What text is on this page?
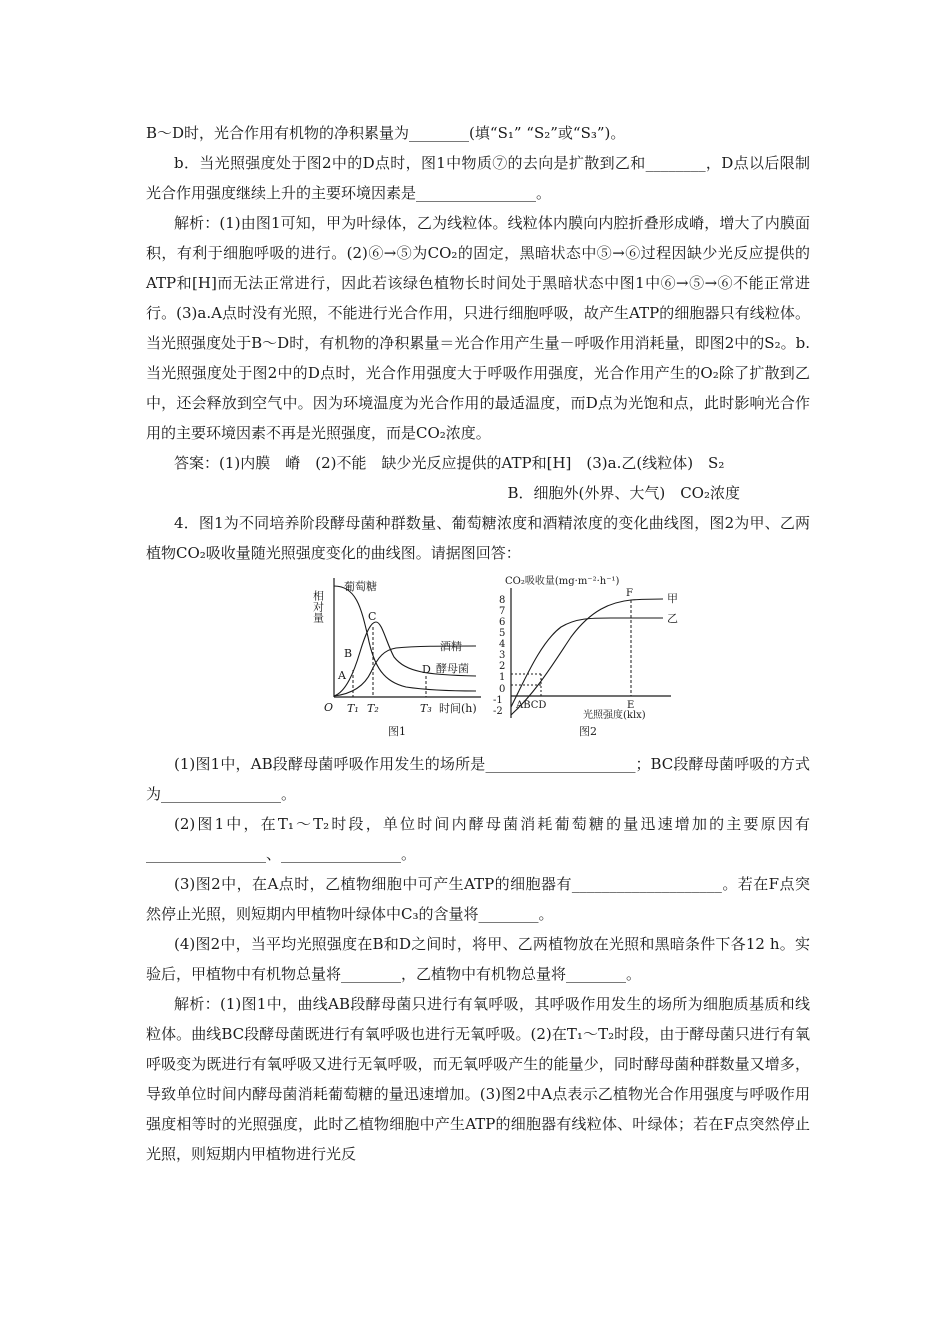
B～D时，光合作用有机物的净积累量为________(填“S₁” “S₂”或“S₃”)。

b．当光照强度处于图2中的D点时，图1中物质⑦的去向是扩散到乙和________，D点以后限制光合作用强度继续上升的主要环境因素是________________。

解析：(1)由图1可知，甲为叶绿体，乙为线粒体。线粒体内膜向内腔折叠形成嵴，增大了内膜面积，有利于细胞呼吸的进行。(2)⑥→⑤为CO₂的固定，黑暗状态中⑤→⑥过程因缺少光反应提供的ATP和[H]而无法正常进行，因此若该绿色植物长时间处于黑暗状态中图1中⑥→⑤→⑥不能正常进行。(3)a.A点时没有光照，不能进行光合作用，只进行细胞呼吸，故产生ATP的细胞器只有线粒体。当光照强度处于B～D时，有机物的净积累量＝光合作用产生量－呼吸作用消耗量，即图2中的S₂。b.当光照强度处于图2中的D点时，光合作用强度大于呼吸作用强度，光合作用产生的O₂除了扩散到乙中，还会释放到空气中。因为环境温度为光合作用的最适温度，而D点为光饱和点，此时影响光合作用的主要环境因素不再是光照强度，而是CO₂浓度。

答案：(1)内膜　嵴　(2)不能　缺少光反应提供的ATP和[H]　(3)a.乙(线粒体)　S₂

B．细胞外(外界、大气)　CO₂浓度

4．图1为不同培养阶段酵母菌种群数量、葡萄糖浓度和酒精浓度的变化曲线图，图2为甲、乙两植物CO₂吸收量随光照强度变化的曲线图。请据图回答：

相对量
葡萄糖
酒精
酵母菌
A
B
C
D
O T₁ T₂	T₃ 时间(h)
图1
CO₂吸收量(mg·m⁻²·h⁻¹)
8
7
6
5
4
3
2
1
0
-1
-2
ABCD	E
F	甲
乙
光照强度(klx)
图2

(1)图1中，AB段酵母菌呼吸作用发生的场所是____________________；BC段酵母菌呼吸的方式为________________。

(2)图1中，在T₁～T₂时段，单位时间内酵母菌消耗葡萄糖的量迅速增加的主要原因有________________、________________。

(3)图2中，在A点时，乙植物细胞中可产生ATP的细胞器有____________________。若在F点突然停止光照，则短期内甲植物叶绿体中C₃的含量将________。

(4)图2中，当平均光照强度在B和D之间时，将甲、乙两植物放在光照和黑暗条件下各12 h。实验后，甲植物中有机物总量将________，乙植物中有机物总量将________。

解析：(1)图1中，曲线AB段酵母菌只进行有氧呼吸，其呼吸作用发生的场所为细胞质基质和线粒体。曲线BC段酵母菌既进行有氧呼吸也进行无氧呼吸。(2)在T₁～T₂时段，由于酵母菌只进行有氧呼吸变为既进行有氧呼吸又进行无氧呼吸，而无氧呼吸产生的能量少，同时酵母菌种群数量又增多，导致单位时间内酵母菌消耗葡萄糖的量迅速增加。(3)图2中A点表示乙植物光合作用强度与呼吸作用强度相等时的光照强度，此时乙植物细胞中产生ATP的细胞器有线粒体、叶绿体；若在F点突然停止光照，则短期内甲植物进行光反
